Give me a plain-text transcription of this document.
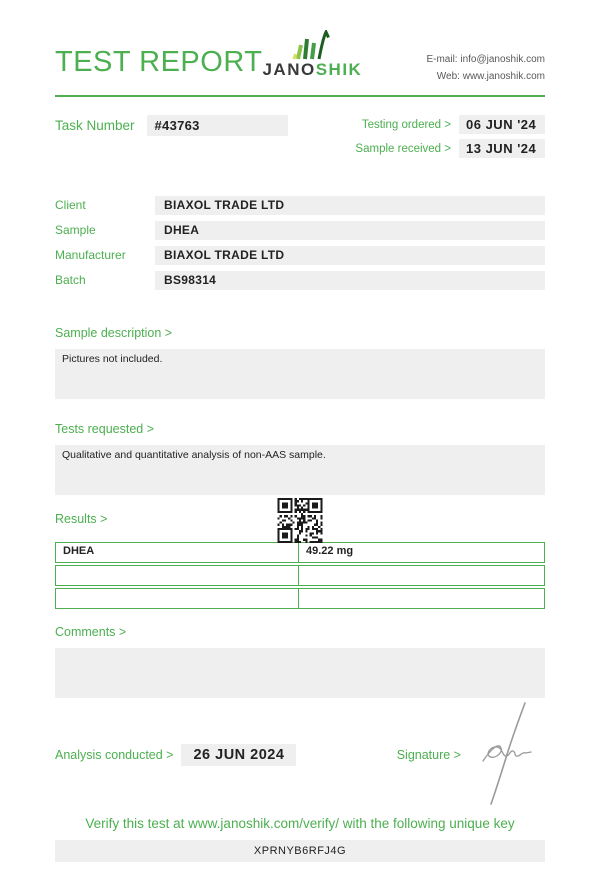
TEST REPORT JANOSHIK
E-mail: info@janoshik.com
Web: www.janoshik.com
Task Number	#43763	Testing ordered >	06 JUN '24
Sample received >	13 JUN '24
Client	BIAXOL TRADE LTD
Sample	DHEA
Manufacturer	BIAXOL TRADE LTD
Batch	BS98314
Sample description >
Pictures not included.
Tests requested >
Qualitative and quantitative analysis of non-AAS sample.
Results >
DHEA	49.22 mg
Comments >
Analysis conducted >	26 JUN 2024	Signature >
Verify this test at www.janoshik.com/verify/ with the following unique key
XPRNYB6RFJ4G
